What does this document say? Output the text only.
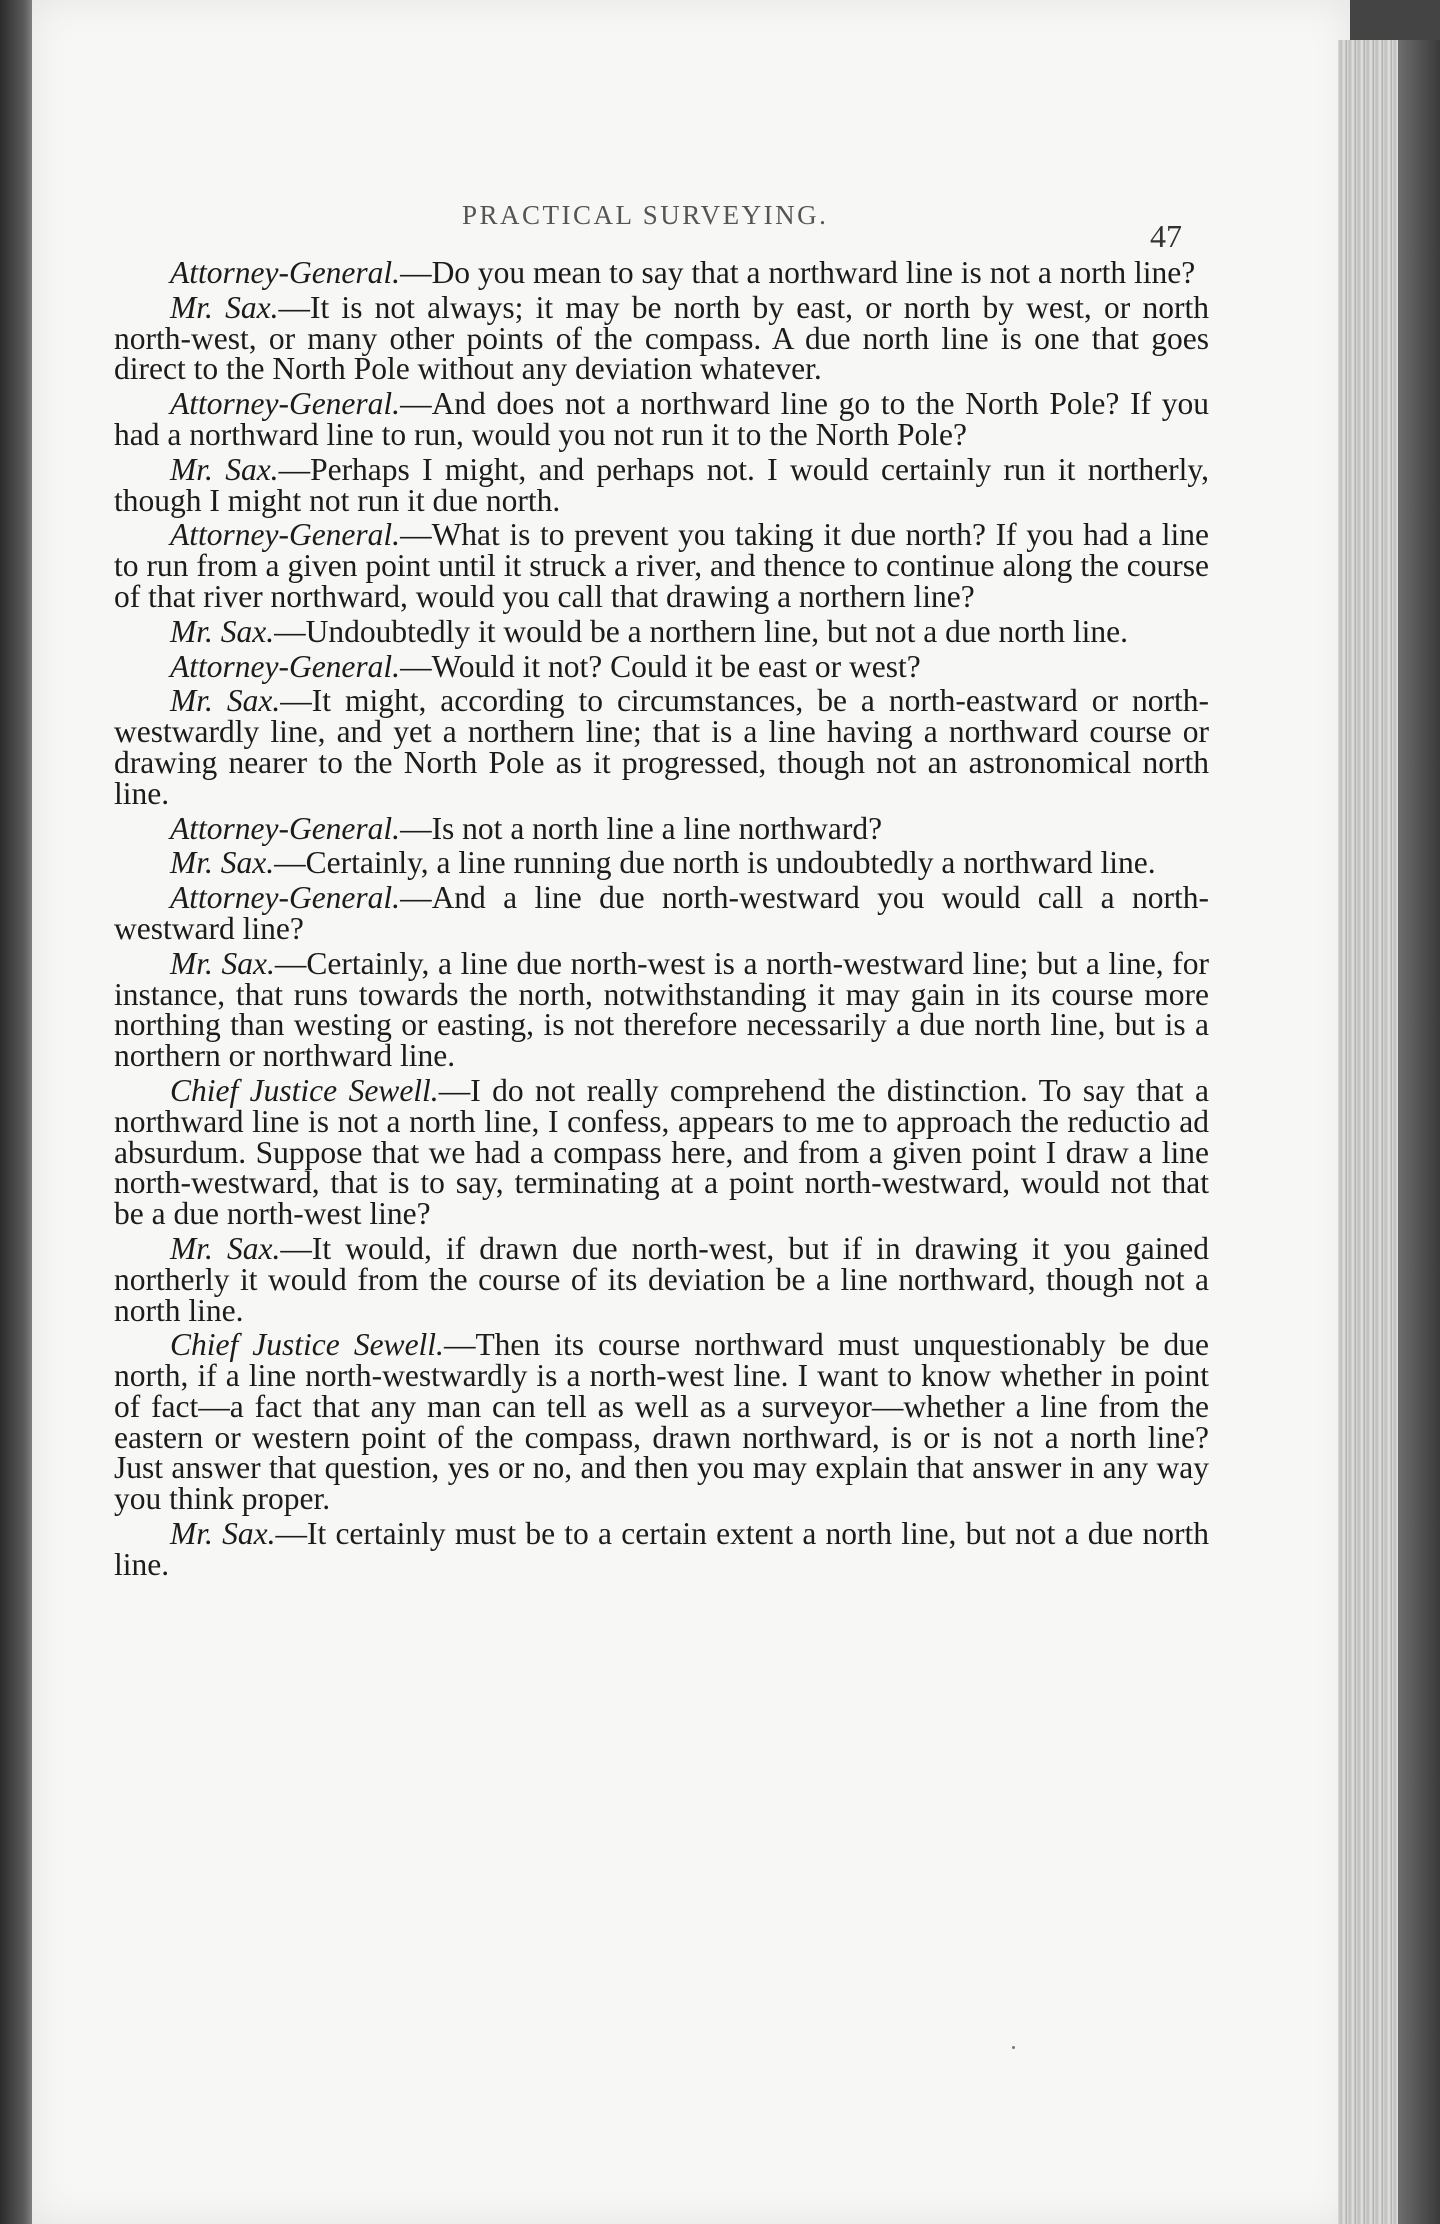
PRACTICAL SURVEYING.
47

Attorney-General.—Do you mean to say that a northward line is not a north line?

Mr. Sax.—It is not always; it may be north by east, or north by west, or north north-west, or many other points of the compass. A due north line is one that goes direct to the North Pole without any deviation whatever.

Attorney-General.—And does not a northward line go to the North Pole? If you had a northward line to run, would you not run it to the North Pole?

Mr. Sax.—Perhaps I might, and perhaps not. I would certainly run it northerly, though I might not run it due north.

Attorney-General.—What is to prevent you taking it due north? If you had a line to run from a given point until it struck a river, and thence to continue along the course of that river northward, would you call that drawing a northern line?

Mr. Sax.—Undoubtedly it would be a northern line, but not a due north line.

Attorney-General.—Would it not? Could it be east or west?

Mr. Sax.—It might, according to circumstances, be a north-eastward or north-westwardly line, and yet a northern line; that is a line having a northward course or drawing nearer to the North Pole as it progressed, though not an astronomical north line.

Attorney-General.—Is not a north line a line northward?

Mr. Sax.—Certainly, a line running due north is undoubtedly a northward line.

Attorney-General.—And a line due north-westward you would call a north-westward line?

Mr. Sax.—Certainly, a line due north-west is a north-westward line; but a line, for instance, that runs towards the north, notwithstanding it may gain in its course more northing than westing or easting, is not therefore necessarily a due north line, but is a northern or northward line.

Chief Justice Sewell.—I do not really comprehend the distinction. To say that a northward line is not a north line, I confess, appears to me to approach the reductio ad absurdum. Suppose that we had a compass here, and from a given point I draw a line north-westward, that is to say, terminating at a point north-westward, would not that be a due north-west line?

Mr. Sax.—It would, if drawn due north-west, but if in drawing it you gained northerly it would from the course of its deviation be a line northward, though not a north line.

Chief Justice Sewell.—Then its course northward must unquestionably be due north, if a line north-westwardly is a north-west line. I want to know whether in point of fact—a fact that any man can tell as well as a surveyor—whether a line from the eastern or western point of the compass, drawn northward, is or is not a north line? Just answer that question, yes or no, and then you may explain that answer in any way you think proper.

Mr. Sax.—It certainly must be to a certain extent a north line, but not a due north line.
